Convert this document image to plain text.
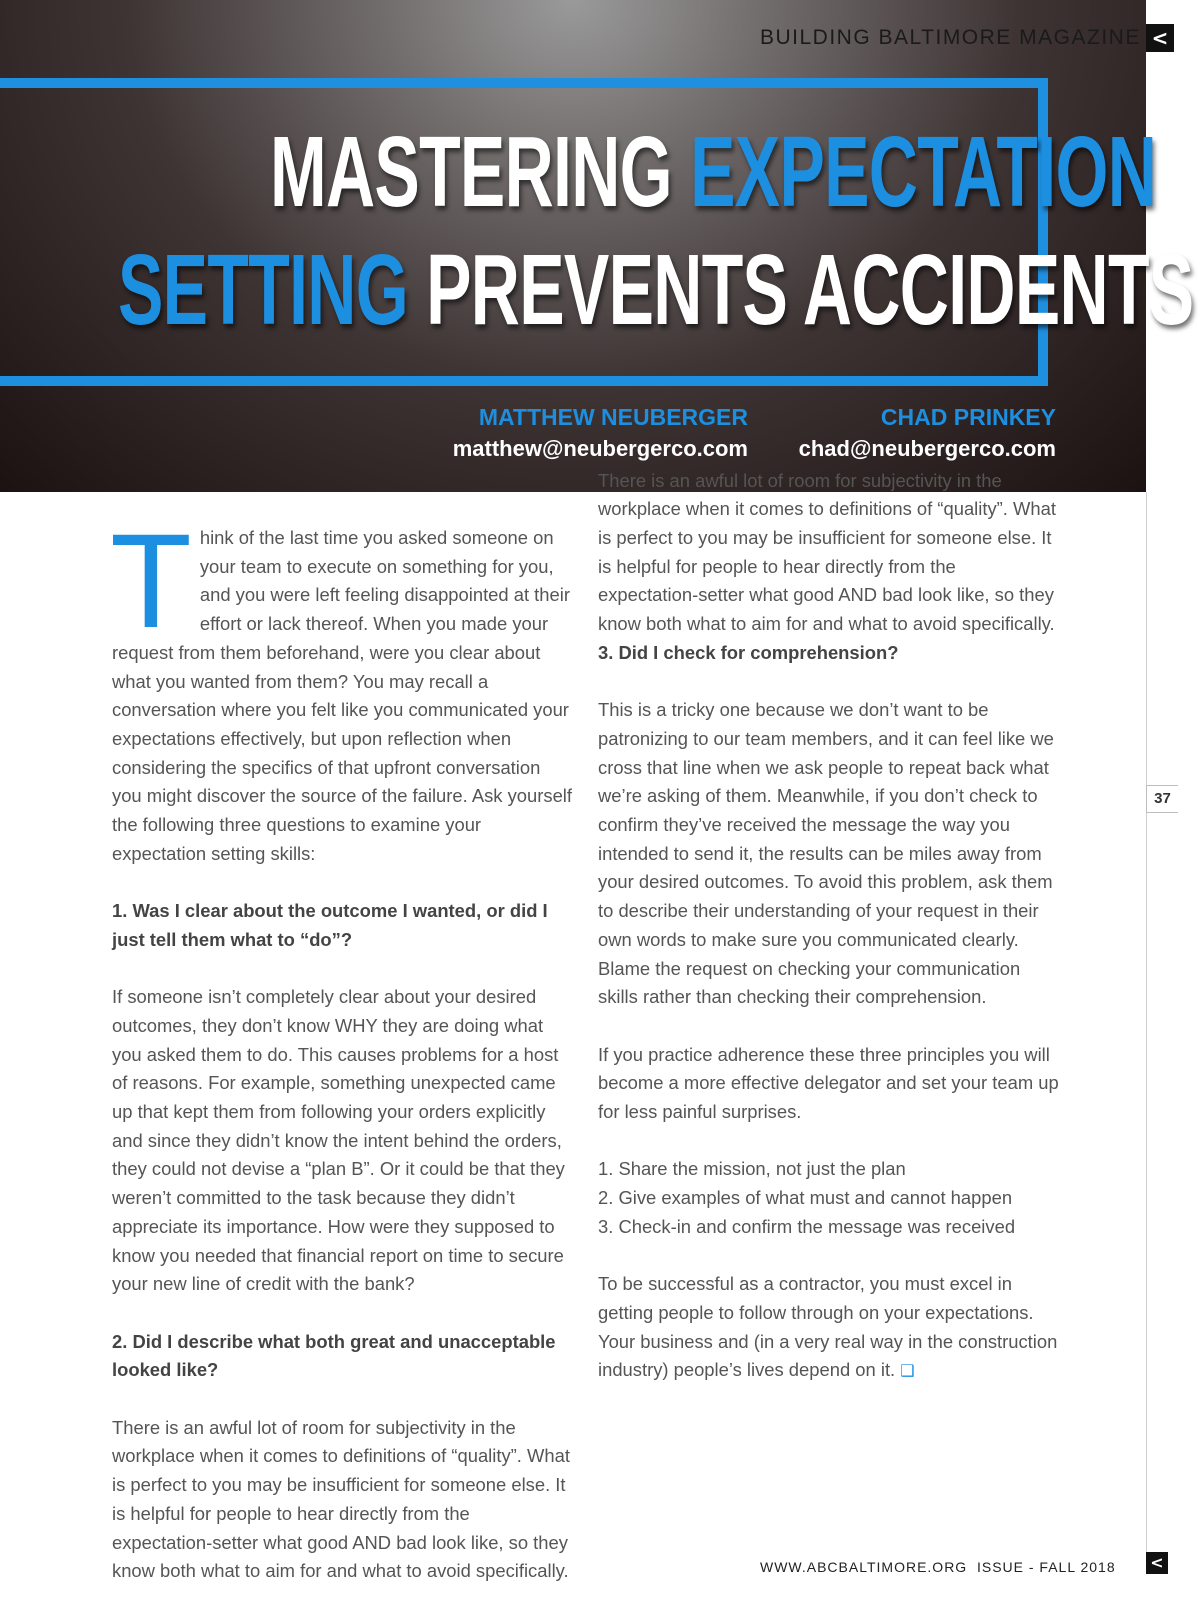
MASTERING EXPECTATION
SETTING PREVENTS ACCIDENTS
MATTHEW NEUBERGER
matthew@neubergerco.com
CHAD PRINKEY
chad@neubergerco.com
BUILDING BALTIMORE MAGAZINE <
37

Think of the last time you asked someone on your team to execute on something for you, and you were left feeling disappointed at their effort or lack thereof. When you made your request from them beforehand, were you clear about what you wanted from them? You may recall a conversation where you felt like you communicated your expectations effectively, but upon reflection when considering the specifics of that upfront conversation you might discover the source of the failure. Ask yourself the following three questions to examine your expectation setting skills:

1. Was I clear about the outcome I wanted, or did I just tell them what to “do”?

If someone isn’t completely clear about your desired outcomes, they don’t know WHY they are doing what you asked them to do. This causes problems for a host of reasons. For example, something unexpected came up that kept them from following your orders explicitly and since they didn’t know the intent behind the orders, they could not devise a “plan B”. Or it could be that they weren’t committed to the task because they didn’t appreciate its importance. How were they supposed to know you needed that financial report on time to secure your new line of credit with the bank?

2. Did I describe what both great and unacceptable looked like?

There is an awful lot of room for subjectivity in the workplace when it comes to definitions of “quality”. What is perfect to you may be insufficient for someone else. It is helpful for people to hear directly from the expectation-setter what good AND bad look like, so they know both what to aim for and what to avoid specifically.

There is an awful lot of room for subjectivity in the workplace when it comes to definitions of “quality”. What is perfect to you may be insufficient for someone else. It is helpful for people to hear directly from the expectation-setter what good AND bad look like, so they know both what to aim for and what to avoid specifically.

3. Did I check for comprehension?

This is a tricky one because we don’t want to be patronizing to our team members, and it can feel like we cross that line when we ask people to repeat back what we’re asking of them. Meanwhile, if you don’t check to confirm they’ve received the message the way you intended to send it, the results can be miles away from your desired outcomes. To avoid this problem, ask them to describe their understanding of your request in their own words to make sure you communicated clearly. Blame the request on checking your communication skills rather than checking their comprehension.

If you practice adherence these three principles you will become a more effective delegator and set your team up for less painful surprises.

1. Share the mission, not just the plan
2. Give examples of what must and cannot happen
3. Check-in and confirm the message was received

To be successful as a contractor, you must excel in getting people to follow through on your expectations. Your business and (in a very real way in the construction industry) people’s lives depend on it. ❑

WWW.ABCBALTIMORE.ORG  ISSUE - FALL 2018 <
